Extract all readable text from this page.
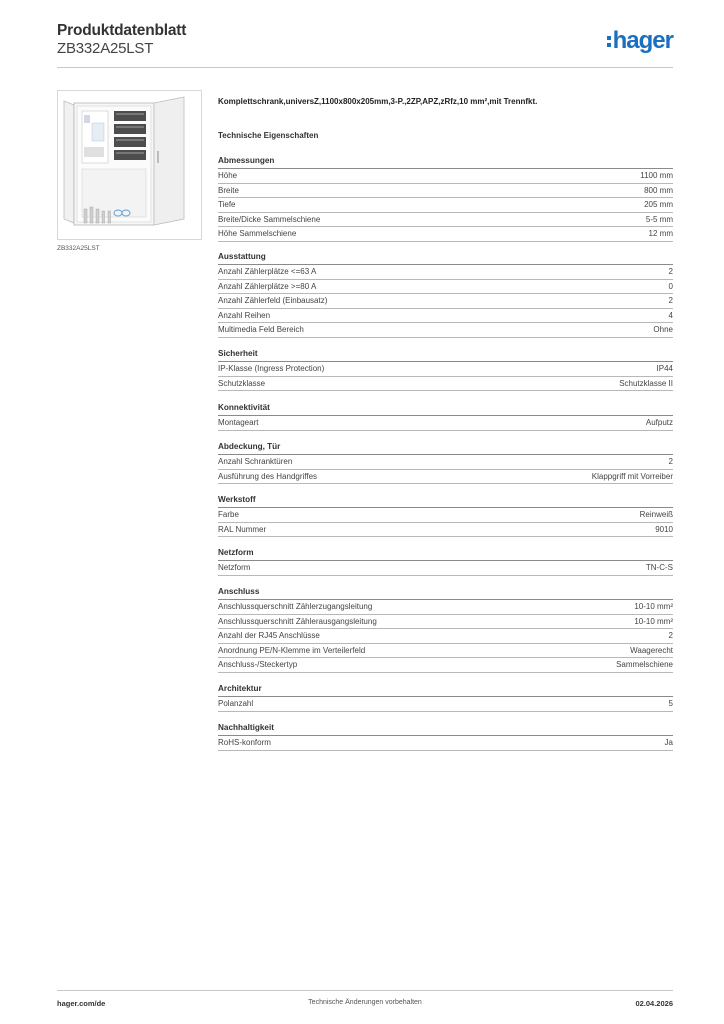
Produktdatenblatt
ZB332A25LST	hager
ZB332A25LST
Komplettschrank,universZ,1100x800x205mm,3-P.,2ZP,APZ,zRfz,10 mm²,mit Trennfkt.
Technische Eigenschaften
Abmessungen
Höhe	1100 mm
Breite	800 mm
Tiefe	205 mm
Breite/Dicke Sammelschiene	5-5 mm
Höhe Sammelschiene	12 mm
Ausstattung
Anzahl Zählerplätze <=63 A	2
Anzahl Zählerplätze >=80 A	0
Anzahl Zählerfeld (Einbausatz)	2
Anzahl Reihen	4
Multimedia Feld Bereich	Ohne
Sicherheit
IP-Klasse (Ingress Protection)	IP44
Schutzklasse	Schutzklasse II
Konnektivität
Montageart	Aufputz
Abdeckung, Tür
Anzahl Schranktüren	2
Ausführung des Handgriffes	Klappgriff mit Vorreiber
Werkstoff
Farbe	Reinweiß
RAL Nummer	9010
Netzform
Netzform	TN-C-S
Anschluss
Anschlussquerschnitt Zählerzugangsleitung	10-10 mm²
Anschlussquerschnitt Zählerausgangsleitung	10-10 mm²
Anzahl der RJ45 Anschlüsse	2
Anordnung PE/N-Klemme im Verteilerfeld	Waagerecht
Anschluss-/Steckertyp	Sammelschiene
Architektur
Polanzahl	5
Nachhaltigkeit
RoHS-konform	Ja
hager.com/de	Technische Änderungen vorbehalten	02.04.2026
